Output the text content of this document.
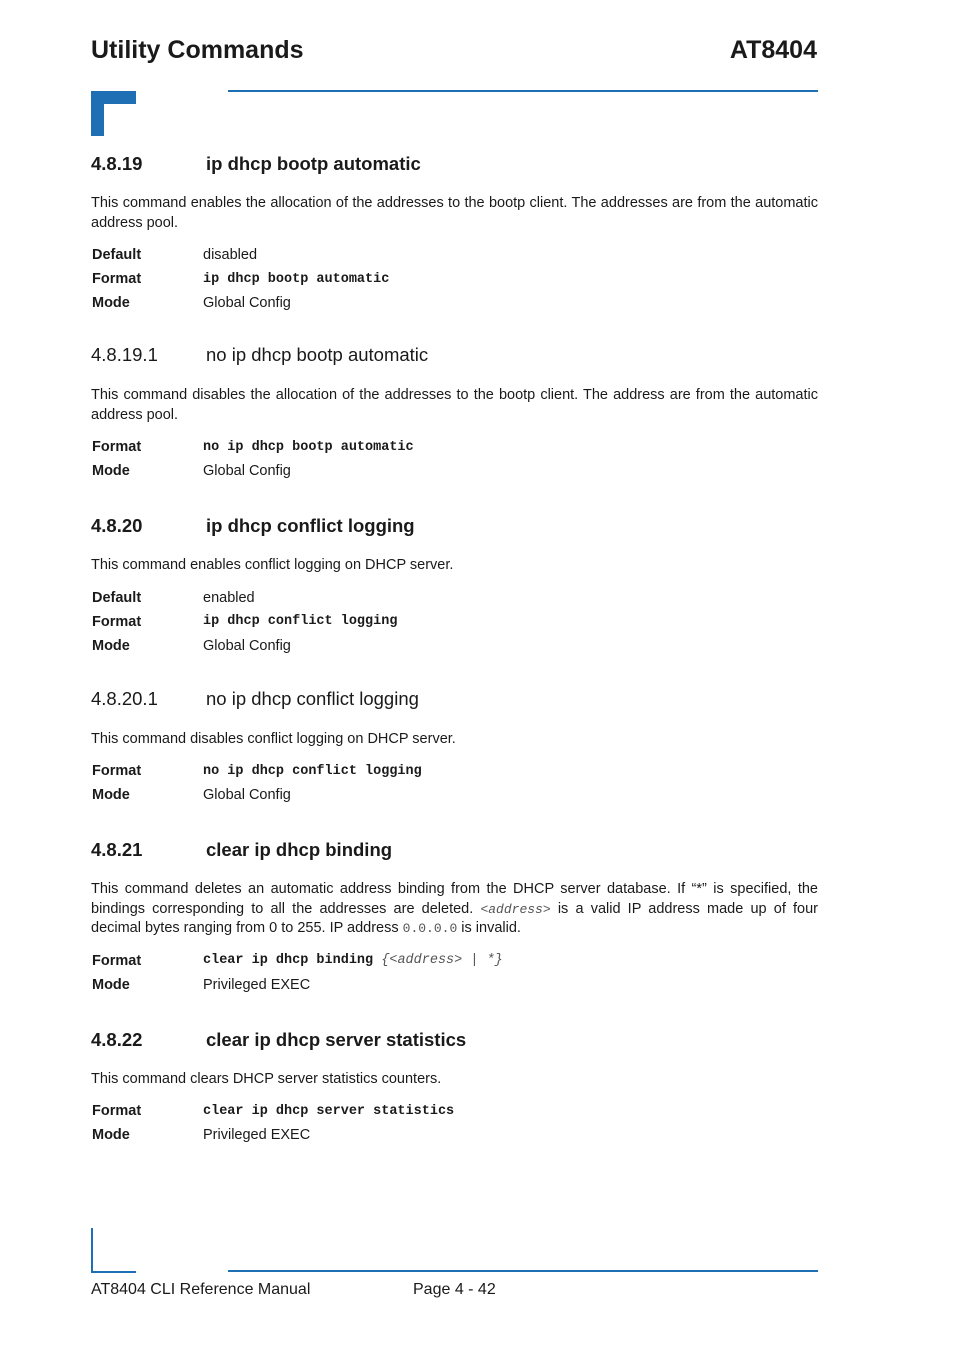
Utility Commands	AT8404
4.8.19	ip dhcp bootp automatic

This command enables the allocation of the addresses to the bootp client. The addresses are from the automatic address pool.

Default	disabled
Format	ip dhcp bootp automatic
Mode	Global Config
4.8.19.1	no ip dhcp bootp automatic

This command disables the allocation of the addresses to the bootp client. The address are from the automatic address pool.

Format	no ip dhcp bootp automatic
Mode	Global Config
4.8.20	ip dhcp conflict logging

This command enables conflict logging on DHCP server.

Default	enabled
Format	ip dhcp conflict logging
Mode	Global Config
4.8.20.1	no ip dhcp conflict logging

This command disables conflict logging on DHCP server.

Format	no ip dhcp conflict logging
Mode	Global Config
4.8.21	clear ip dhcp binding

This command deletes an automatic address binding from the DHCP server database. If “*” is specified, the bindings corresponding to all the addresses are deleted. <address> is a valid IP address made up of four decimal bytes ranging from 0 to 255. IP address 0.0.0.0 is invalid.

Format	clear ip dhcp binding {<address> | *}
Mode	Privileged EXEC
4.8.22	clear ip dhcp server statistics

This command clears DHCP server statistics counters.

Format	clear ip dhcp server statistics
Mode	Privileged EXEC
AT8404 CLI Reference Manual	Page 4 - 42
